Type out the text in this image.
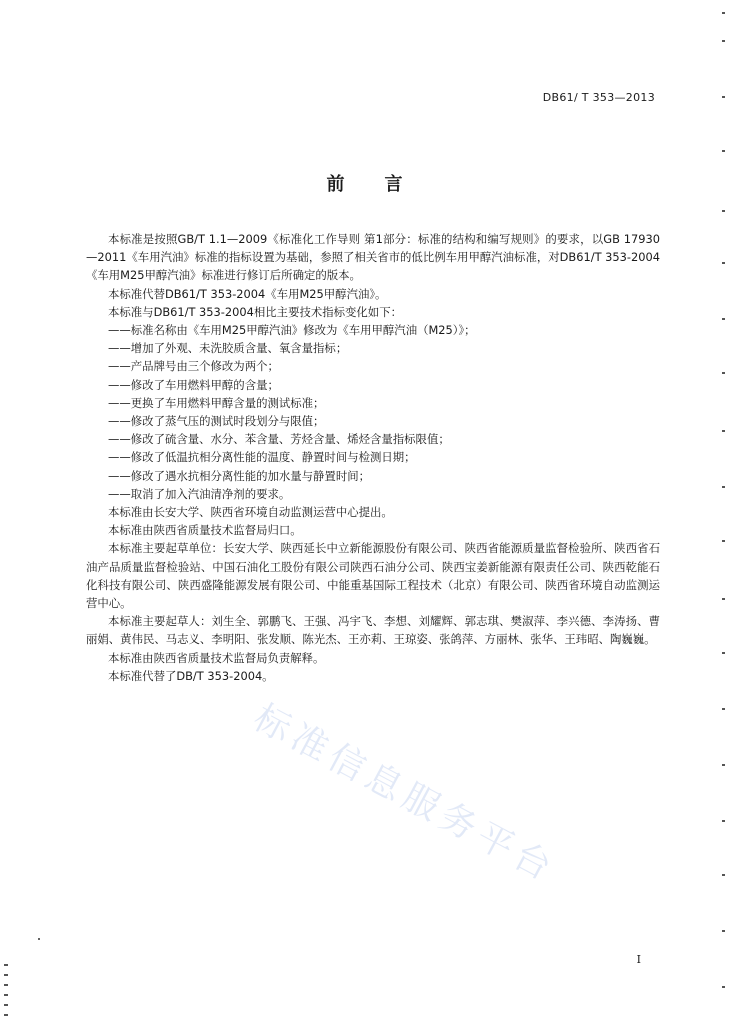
DB61/ T 353—2013
前言

本标准是按照GB/T 1.1—2009《标准化工作导则 第1部分：标准的结构和编写规则》的要求，以GB 17930—2011《车用汽油》标准的指标设置为基础，参照了相关省市的低比例车用甲醇汽油标准，对DB61/T 353-2004《车用M25甲醇汽油》标准进行修订后所确定的版本。

本标准代替DB61/T 353-2004《车用M25甲醇汽油》。

本标准与DB61/T 353-2004相比主要技术指标变化如下：

——标准名称由《车用M25甲醇汽油》修改为《车用甲醇汽油（M25）》；

——增加了外观、未洗胶质含量、氧含量指标；

——产品牌号由三个修改为两个；

——修改了车用燃料甲醇的含量；

——更换了车用燃料甲醇含量的测试标准；

——修改了蒸气压的测试时段划分与限值；

——修改了硫含量、水分、苯含量、芳烃含量、烯烃含量指标限值；

——修改了低温抗相分离性能的温度、静置时间与检测日期；

——修改了遇水抗相分离性能的加水量与静置时间；

——取消了加入汽油清净剂的要求。

本标准由长安大学、陕西省环境自动监测运营中心提出。

本标准由陕西省质量技术监督局归口。

本标准主要起草单位：长安大学、陕西延长中立新能源股份有限公司、陕西省能源质量监督检验所、陕西省石油产品质量监督检验站、中国石油化工股份有限公司陕西石油分公司、陕西宝姜新能源有限责任公司、陕西乾能石化科技有限公司、陕西盛隆能源发展有限公司、中能重基国际工程技术（北京）有限公司、陕西省环境自动监测运营中心。

本标准主要起草人：刘生全、郭鹏飞、王强、冯宇飞、李想、刘耀辉、郭志琪、樊淑萍、李兴德、李涛扬、曹丽娟、黄伟民、马志义、李明阳、张发顺、陈光杰、王亦莉、王琼姿、张鸽萍、方丽林、张华、王玮昭、陶巍巍。

本标准由陕西省质量技术监督局负责解释。

本标准代替了DB/T 353-2004。

标准信息服务平台
I
